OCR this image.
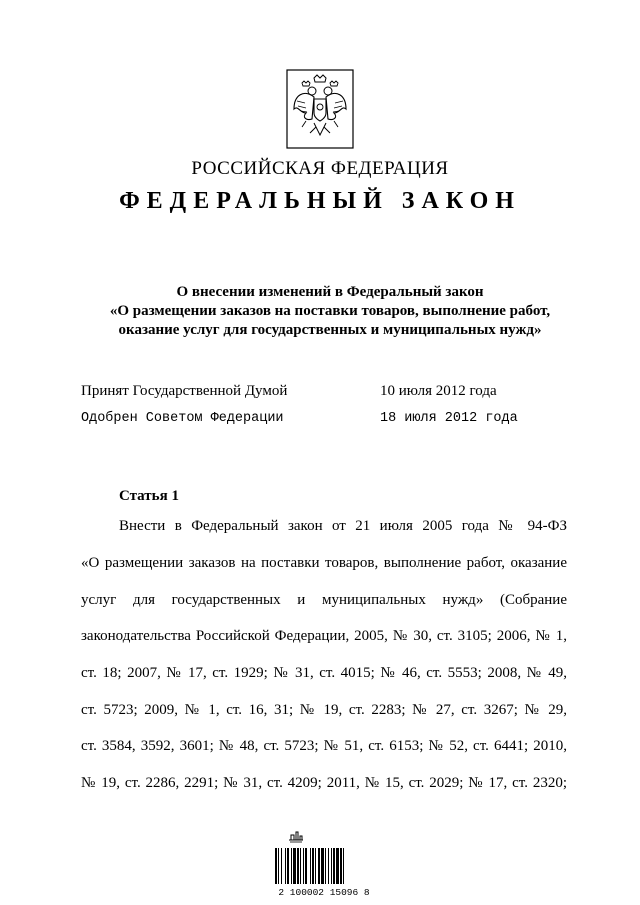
РОССИЙСКАЯ ФЕДЕРАЦИЯ
ФЕДЕРАЛЬНЫЙ ЗАКОН
О внесении изменений в Федеральный закон
«О размещении заказов на поставки товаров, выполнение работ,
оказание услуг для государственных и муниципальных нужд»
Принят Государственной Думой	10 июля 2012 года
Одобрен Советом Федерации	18 июля 2012 года
Статья 1
Внести в Федеральный закон от 21 июля 2005 года № 94-ФЗ
«О размещении заказов на поставки товаров, выполнение работ, оказание
услуг для государственных и муниципальных нужд» (Собрание
законодательства Российской Федерации, 2005, № 30, ст. 3105; 2006, № 1,
ст. 18; 2007, № 17, ст. 1929; № 31, ст. 4015; № 46, ст. 5553; 2008, № 49,
ст. 5723; 2009, № 1, ст. 16, 31; № 19, ст. 2283; № 27, ст. 3267; № 29,
ст. 3584, 3592, 3601; № 48, ст. 5723; № 51, ст. 6153; № 52, ст. 6441; 2010,
№ 19, ст. 2286, 2291; № 31, ст. 4209; 2011, № 15, ст. 2029; № 17, ст. 2320;
2 100002 15096 8
